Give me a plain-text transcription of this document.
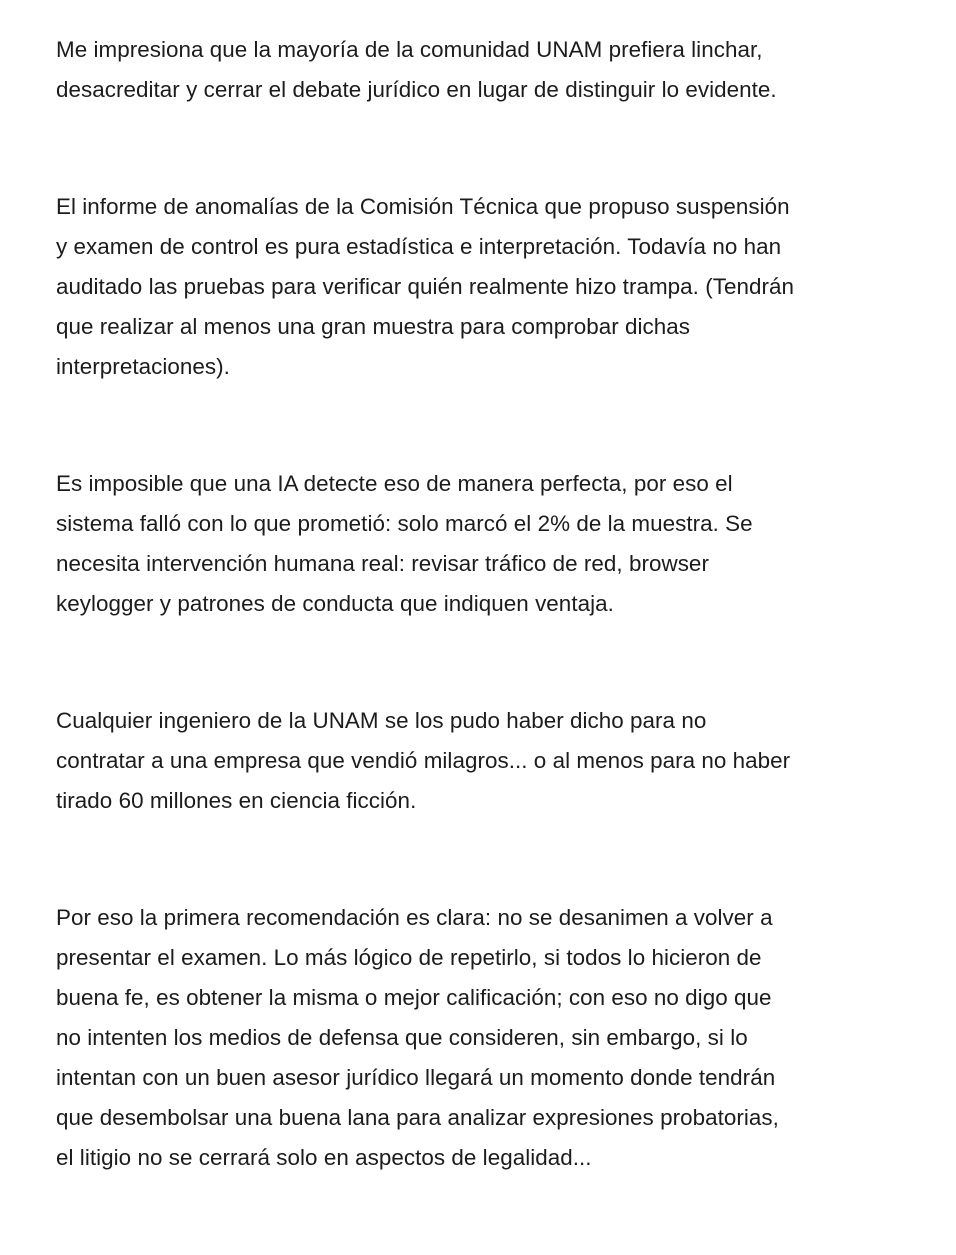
Me impresiona que la mayoría de la comunidad UNAM prefiera linchar,
desacreditar y cerrar el debate jurídico en lugar de distinguir lo evidente.

El informe de anomalías de la Comisión Técnica que propuso suspensión
y examen de control es pura estadística e interpretación. Todavía no han
auditado las pruebas para verificar quién realmente hizo trampa. (Tendrán
que realizar al menos una gran muestra para comprobar dichas
interpretaciones).

Es imposible que una IA detecte eso de manera perfecta, por eso el
sistema falló con lo que prometió: solo marcó el 2% de la muestra. Se
necesita intervención humana real: revisar tráfico de red, browser
keylogger y patrones de conducta que indiquen ventaja.

Cualquier ingeniero de la UNAM se los pudo haber dicho para no
contratar a una empresa que vendió milagros... o al menos para no haber
tirado 60 millones en ciencia ficción.

Por eso la primera recomendación es clara: no se desanimen a volver a
presentar el examen. Lo más lógico de repetirlo, si todos lo hicieron de
buena fe, es obtener la misma o mejor calificación; con eso no digo que
no intenten los medios de defensa que consideren, sin embargo, si lo
intentan con un buen asesor jurídico llegará un momento donde tendrán
que desembolsar una buena lana para analizar expresiones probatorias,
el litigio no se cerrará solo en aspectos de legalidad...
